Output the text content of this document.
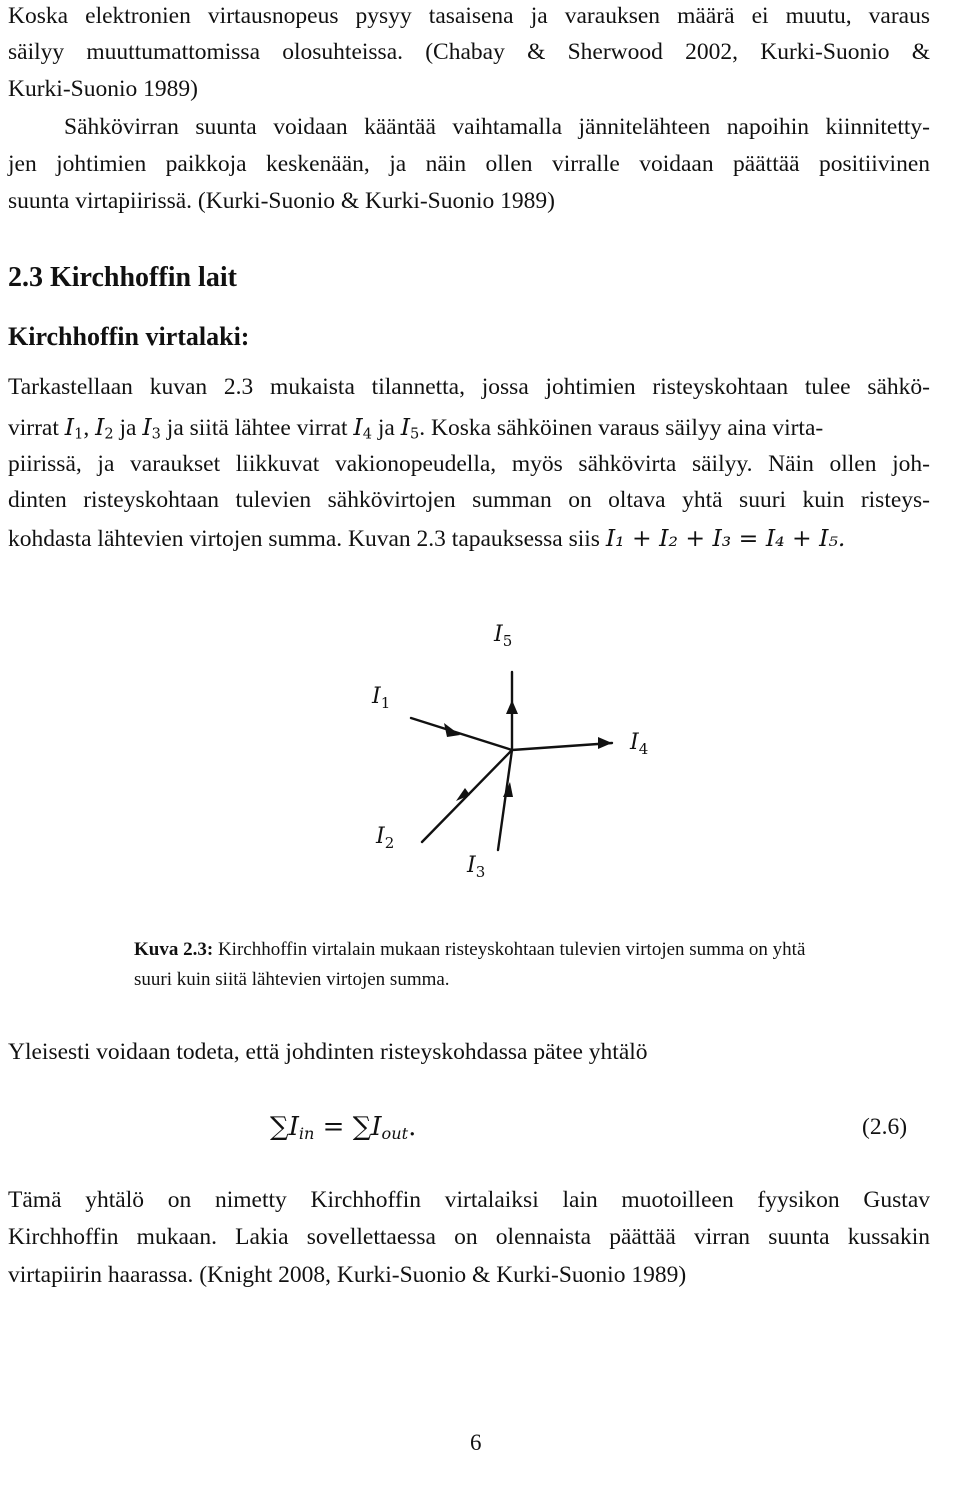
Koska elektronien virtausnopeus pysyy tasaisena ja varauksen määrä ei muutu, varaus
säilyy muuttumattomissa olosuhteissa. (Chabay & Sherwood 2002, Kurki-Suonio &
Kurki-Suonio 1989)
Sähkövirran suunta voidaan kääntää vaihtamalla jännitelähteen napoihin kiinnitetty-
jen johtimien paikkoja keskenään, ja näin ollen virralle voidaan päättää positiivinen
suunta virtapiirissä. (Kurki-Suonio & Kurki-Suonio 1989)
2.3 Kirchhoffin lait
Kirchhoffin virtalaki:
Tarkastellaan kuvan 2.3 mukaista tilannetta, jossa johtimien risteyskohtaan tulee sähkö-
virrat $I_1$, $I_2$ ja $I_3$ ja siitä lähtee virrat $I_4$ ja $I_5$. Koska sähköinen varaus säilyy aina virta-
piirissä, ja varaukset liikkuvat vakionopeudella, myös sähkövirta säilyy. Näin ollen joh-
dinten risteyskohtaan tulevien sähkövirtojen summan on oltava yhtä suuri kuin risteys-
kohdasta lähtevien virtojen summa. Kuvan 2.3 tapauksessa siis I₁ + I₂ + I₃ = I₄ + I₅.
$I_5$
$I_1$
$I_4$
$I_2$
$I_3$
Kuva 2.3: Kirchhoffin virtalain mukaan risteyskohtaan tulevien virtojen summa on yhtä
suuri kuin siitä lähtevien virtojen summa.
Yleisesti voidaan todeta, että johdinten risteyskohdassa pätee yhtälö
$\sum I_{in} = \sum I_{out}$.	(2.6)
Tämä yhtälö on nimetty Kirchhoffin virtalaiksi lain muotoilleen fyysikon Gustav
Kirchhoffin mukaan. Lakia sovellettaessa on olennaista päättää virran suunta kussakin
virtapiirin haarassa. (Knight 2008, Kurki-Suonio & Kurki-Suonio 1989)
6
